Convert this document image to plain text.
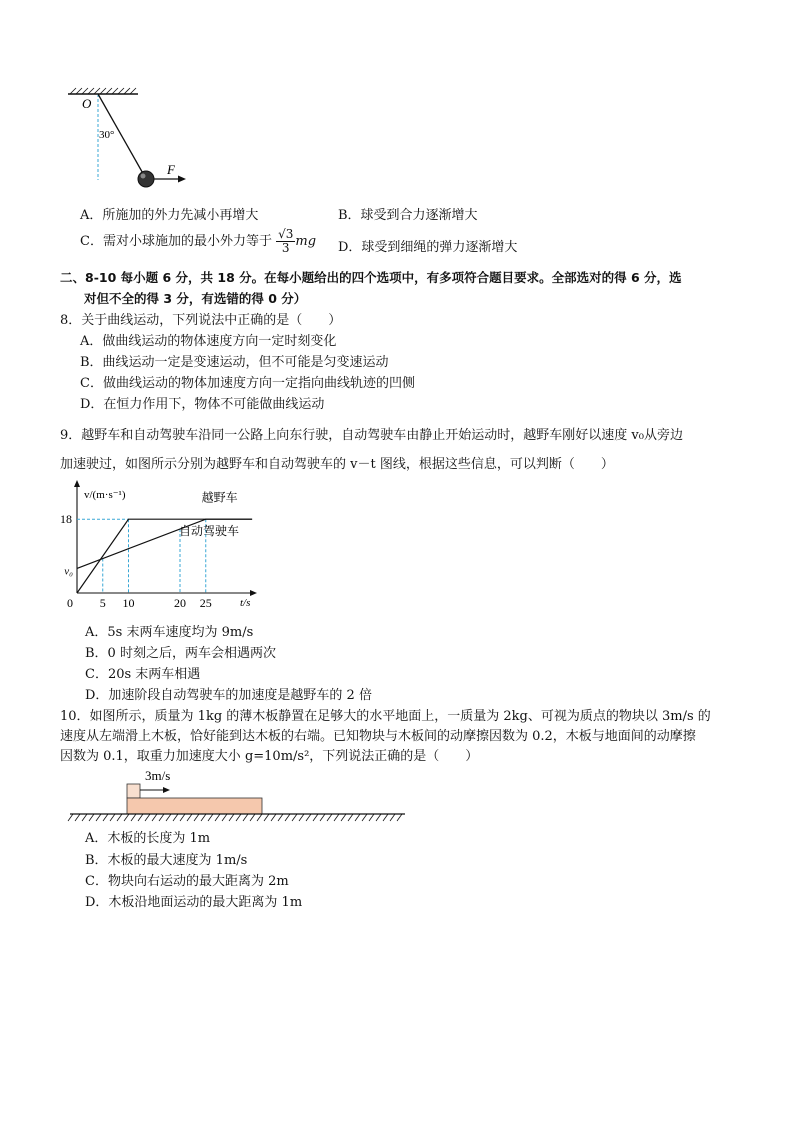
O
30°
F
A．所施加的外力先减小再增大	B．球受到合力逐渐增大
C．需对小球施加的最小外力等于 $\frac{√3}{3}$ mg D．球受到细绳的弹力逐渐增大
二、8-10 每小题 6 分，共 18 分。在每小题给出的四个选项中，有多项符合题目要求。全部选对的得 6 分，选
对但不全的得 3 分，有选错的得 0 分）
8．关于曲线运动，下列说法中正确的是（　　）
A．做曲线运动的物体速度方向一定时刻变化
B．曲线运动一定是变速运动，但不可能是匀变速运动
C．做曲线运动的物体加速度方向一定指向曲线轨迹的凹侧
D．在恒力作用下，物体不可能做曲线运动
9．越野车和自动驾驶车沿同一公路上向东行驶，自动驾驶车由静止开始运动时，越野车刚好以速度 v₀从旁边
加速驶过，如图所示分别为越野车和自动驾驶车的 v－t 图线，根据这些信息，可以判断（　　）
越野车
自动驾驶车
v/(m·s⁻¹)
t/s
0
18
v₀
5 10	20 25
A．5s 末两车速度均为 9m/s
B．0 时刻之后，两车会相遇两次
C．20s 末两车相遇
D．加速阶段自动驾驶车的加速度是越野车的 2 倍
10．如图所示，质量为 1kg 的薄木板静置在足够大的水平地面上，一质量为 2kg、可视为质点的物块以 3m/s 的
速度从左端滑上木板，恰好能到达木板的右端。已知物块与木板间的动摩擦因数为 0.2，木板与地面间的动摩擦
因数为 0.1，取重力加速度大小 g=10m/s²，下列说法正确的是（　　）
3m/s
A．木板的长度为 1m
B．木板的最大速度为 1m/s
C．物块向右运动的最大距离为 2m
D．木板沿地面运动的最大距离为 1m
